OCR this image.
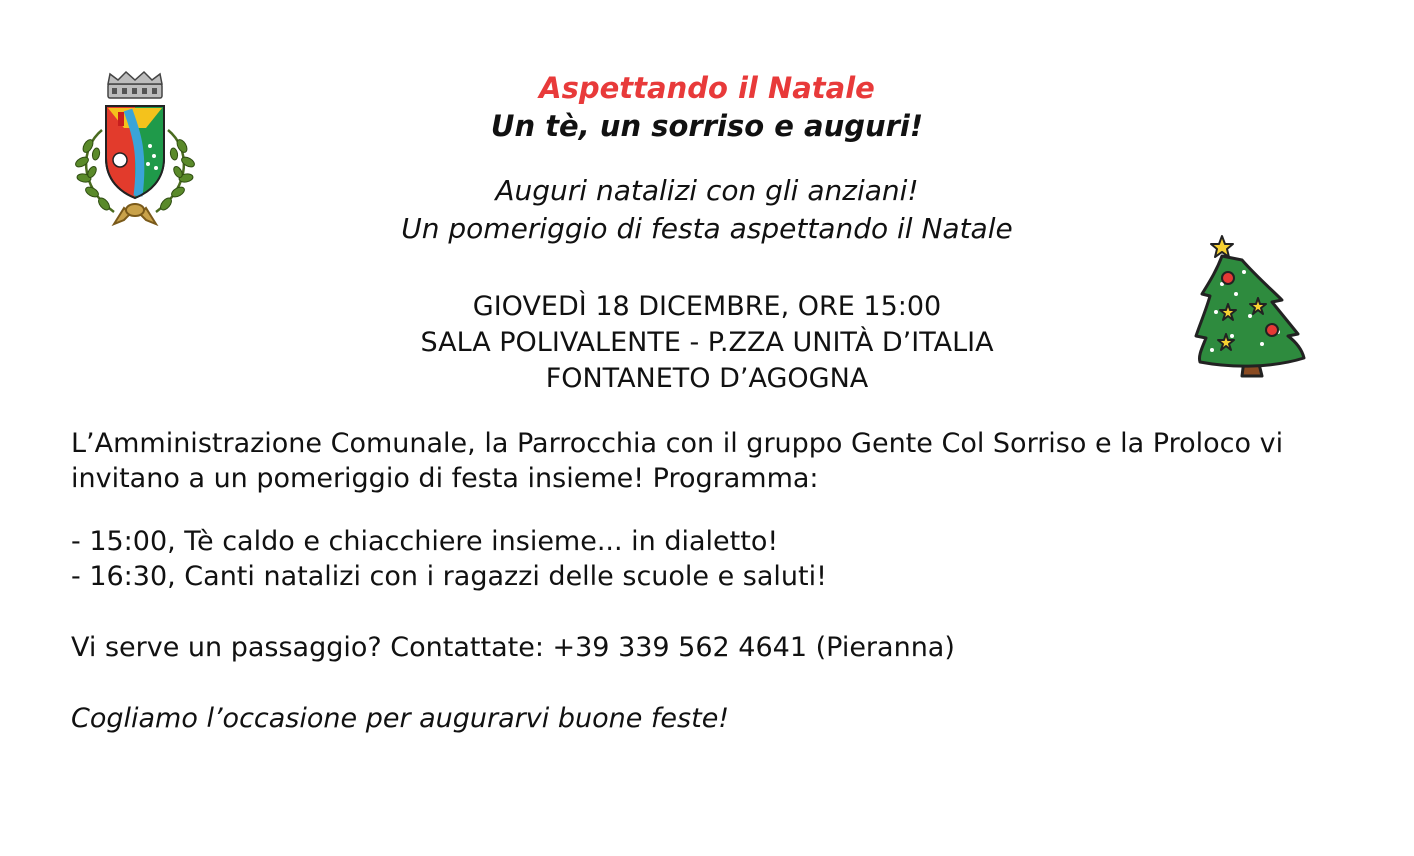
Aspettando il Natale
Un tè, un sorriso e auguri!
Auguri natalizi con gli anziani!
Un pomeriggio di festa aspettando il Natale
GIOVEDÌ 18 DICEMBRE, ORE 15:00
SALA POLIVALENTE - P.ZZA UNITÀ D’ITALIA
FONTANETO D’AGOGNA
L’Amministrazione Comunale, la Parrocchia con il gruppo Gente Col Sorriso e la Proloco vi invitano a un pomeriggio di festa insieme! Programma:
- 15:00, Tè caldo e chiacchiere insieme... in dialetto!
- 16:30, Canti natalizi con i ragazzi delle scuole e saluti!
Vi serve un passaggio? Contattate: +39 339 562 4641 (Pieranna)
Cogliamo l’occasione per augurarvi buone feste!
